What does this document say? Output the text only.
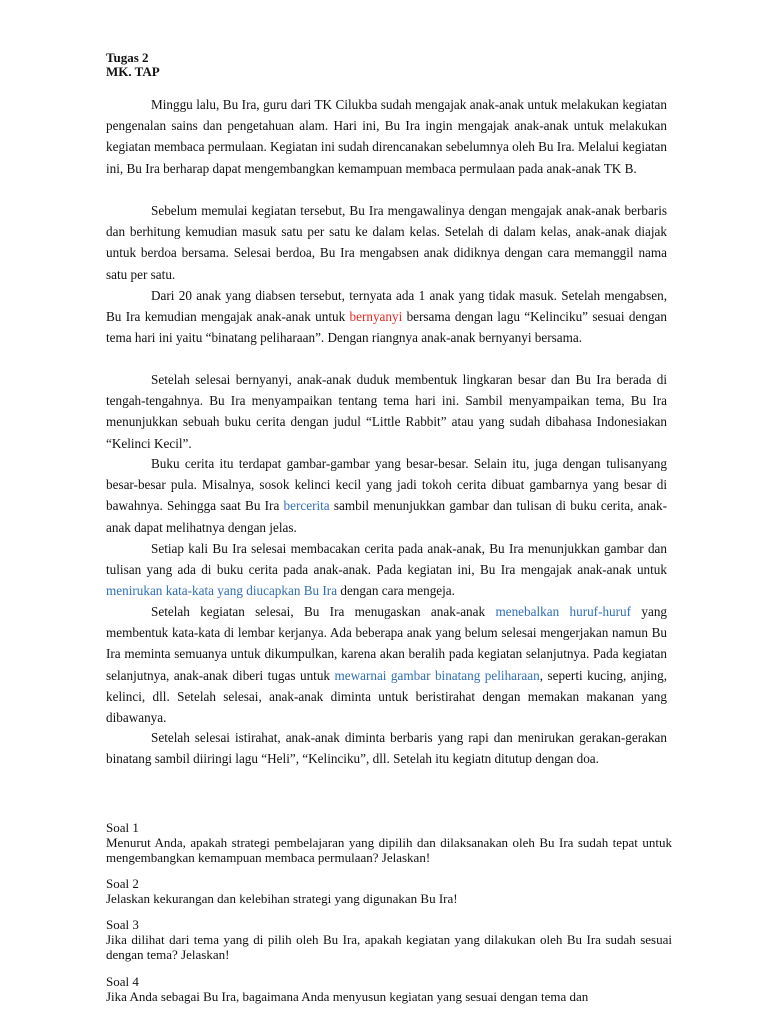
Tugas 2
MK. TAP

Minggu lalu, Bu Ira, guru dari TK Cilukba sudah mengajak anak-anak untuk melakukan kegiatan pengenalan sains dan pengetahuan alam. Hari ini, Bu Ira ingin mengajak anak-anak untuk melakukan kegiatan membaca permulaan. Kegiatan ini sudah direncanakan sebelumnya oleh Bu Ira. Melalui kegiatan ini, Bu Ira berharap dapat mengembangkan kemampuan membaca permulaan pada anak-anak TK B.

Sebelum memulai kegiatan tersebut, Bu Ira mengawalinya dengan mengajak anak-anak berbaris dan berhitung kemudian masuk satu per satu ke dalam kelas. Setelah di dalam kelas, anak-anak diajak untuk berdoa bersama. Selesai berdoa, Bu Ira mengabsen anak didiknya dengan cara memanggil nama satu per satu.

Dari 20 anak yang diabsen tersebut, ternyata ada 1 anak yang tidak masuk. Setelah mengabsen, Bu Ira kemudian mengajak anak-anak untuk bernyanyi bersama dengan lagu “Kelinciku” sesuai dengan tema hari ini yaitu “binatang peliharaan”. Dengan riangnya anak-anak bernyanyi bersama.

Setelah selesai bernyanyi, anak-anak duduk membentuk lingkaran besar dan Bu Ira berada di tengah-tengahnya. Bu Ira menyampaikan tentang tema hari ini. Sambil menyampaikan tema, Bu Ira menunjukkan sebuah buku cerita dengan judul “Little Rabbit” atau yang sudah dibahasa Indonesiakan “Kelinci Kecil”.

Buku cerita itu terdapat gambar-gambar yang besar-besar. Selain itu, juga dengan tulisanyang besar-besar pula. Misalnya, sosok kelinci kecil yang jadi tokoh cerita dibuat gambarnya yang besar di bawahnya. Sehingga saat Bu Ira bercerita sambil menunjukkan gambar dan tulisan di buku cerita, anak-anak dapat melihatnya dengan jelas.

Setiap kali Bu Ira selesai membacakan cerita pada anak-anak, Bu Ira menunjukkan gambar dan tulisan yang ada di buku cerita pada anak-anak. Pada kegiatan ini, Bu Ira mengajak anak-anak untuk menirukan kata-kata yang diucapkan Bu Ira dengan cara mengeja.

Setelah kegiatan selesai, Bu Ira menugaskan anak-anak menebalkan huruf-huruf yang membentuk kata-kata di lembar kerjanya. Ada beberapa anak yang belum selesai mengerjakan namun Bu Ira meminta semuanya untuk dikumpulkan, karena akan beralih pada kegiatan selanjutnya. Pada kegiatan selanjutnya, anak-anak diberi tugas untuk mewarnai gambar binatang peliharaan, seperti kucing, anjing, kelinci, dll. Setelah selesai, anak-anak diminta untuk beristirahat dengan memakan makanan yang dibawanya.

Setelah selesai istirahat, anak-anak diminta berbaris yang rapi dan menirukan gerakan-gerakan binatang sambil diiringi lagu “Heli”, “Kelinciku”, dll. Setelah itu kegiatn ditutup dengan doa.

Soal 1
Menurut Anda, apakah strategi pembelajaran yang dipilih dan dilaksanakan oleh Bu Ira sudah tepat untuk mengembangkan kemampuan membaca permulaan? Jelaskan!
Soal 2
Jelaskan kekurangan dan kelebihan strategi yang digunakan Bu Ira!
Soal 3
Jika dilihat dari tema yang di pilih oleh Bu Ira, apakah kegiatan yang dilakukan oleh Bu Ira sudah sesuai dengan tema? Jelaskan!
Soal 4
Jika Anda sebagai Bu Ira, bagaimana Anda menyusun kegiatan yang sesuai dengan tema dan
